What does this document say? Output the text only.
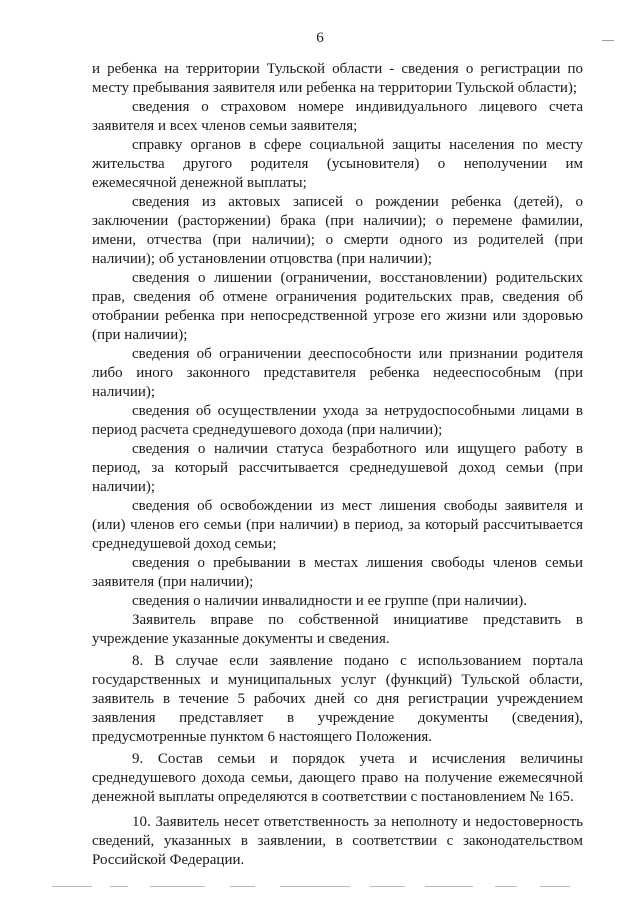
6

и ребенка на территории Тульской области - сведения о регистрации по месту пребывания заявителя или ребенка на территории Тульской области);

сведения о страховом номере индивидуального лицевого счета заявителя и всех членов семьи заявителя;

справку органов в сфере социальной защиты населения по месту жительства другого родителя (усыновителя) о неполучении им ежемесячной денежной выплаты;

сведения из актовых записей о рождении ребенка (детей), о заключении (расторжении) брака (при наличии); о перемене фамилии, имени, отчества (при наличии); о смерти одного из родителей (при наличии); об установлении отцовства (при наличии);

сведения о лишении (ограничении, восстановлении) родительских прав, сведения об отмене ограничения родительских прав, сведения об отобрании ребенка при непосредственной угрозе его жизни или здоровью (при наличии);

сведения об ограничении дееспособности или признании родителя либо иного законного представителя ребенка недееспособным (при наличии);

сведения об осуществлении ухода за нетрудоспособными лицами в период расчета среднедушевого дохода (при наличии);

сведения о наличии статуса безработного или ищущего работу в период, за который рассчитывается среднедушевой доход семьи (при наличии);

сведения об освобождении из мест лишения свободы заявителя и (или) членов его семьи (при наличии) в период, за который рассчитывается среднедушевой доход семьи;

сведения о пребывании в местах лишения свободы членов семьи заявителя (при наличии);

сведения о наличии инвалидности и ее группе (при наличии).

Заявитель вправе по собственной инициативе представить в учреждение указанные документы и сведения.

8. В случае если заявление подано с использованием портала государственных и муниципальных услуг (функций) Тульской области, заявитель в течение 5 рабочих дней со дня регистрации учреждением заявления представляет в учреждение документы (сведения), предусмотренные пунктом 6 настоящего Положения.

9. Состав семьи и порядок учета и исчисления величины среднедушевого дохода семьи, дающего право на получение ежемесячной денежной выплаты определяются в соответствии с постановлением № 165.

10. Заявитель несет ответственность за неполноту и недостоверность сведений, указанных в заявлении, в соответствии с законодательством Российской Федерации.
